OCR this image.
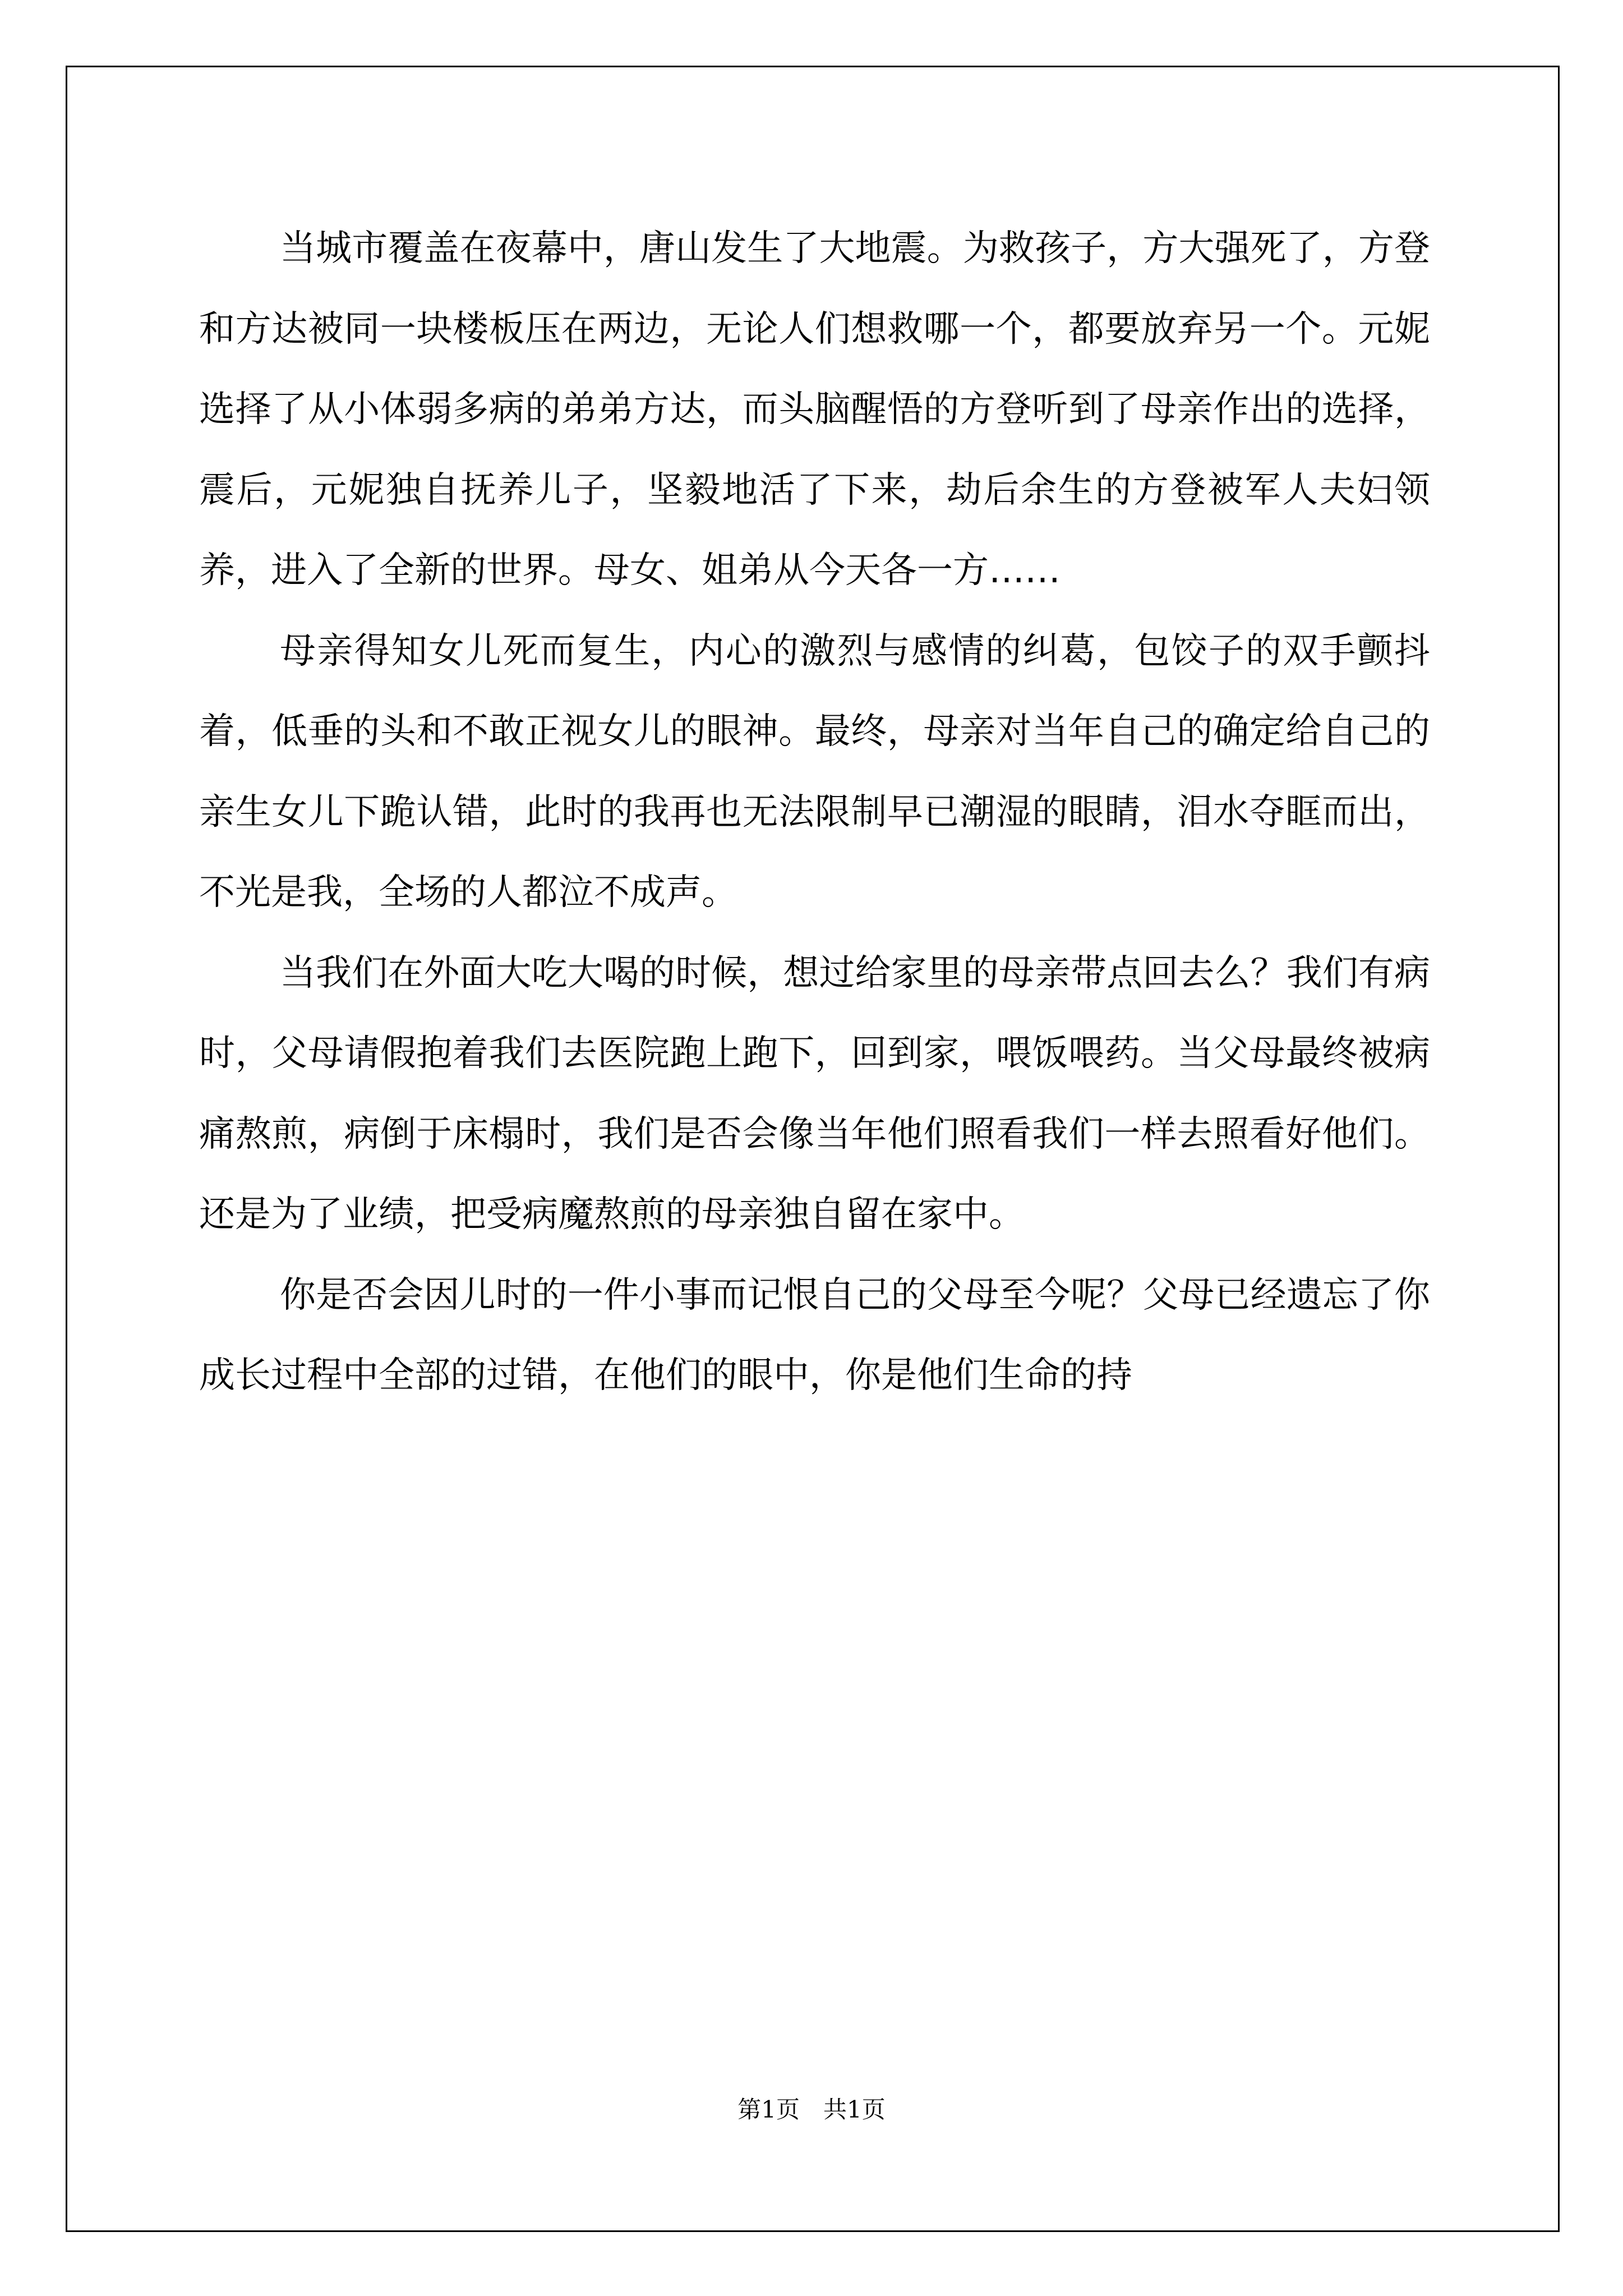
当城市覆盖在夜幕中，唐山发生了大地震。为救孩子，方大强死了，方登和方达被同一块楼板压在两边，无论人们想救哪一个，都要放弃另一个。元妮选择了从小体弱多病的弟弟方达，而头脑醒悟的方登听到了母亲作出的选择，震后，元妮独自抚养儿子，坚毅地活了下来，劫后余生的方登被军人夫妇领养，进入了全新的世界。母女、姐弟从今天各一方……

母亲得知女儿死而复生，内心的激烈与感情的纠葛，包饺子的双手颤抖着，低垂的头和不敢正视女儿的眼神。最终，母亲对当年自己的确定给自己的亲生女儿下跪认错，此时的我再也无法限制早已潮湿的眼睛，泪水夺眶而出，不光是我，全场的人都泣不成声。

当我们在外面大吃大喝的时候，想过给家里的母亲带点回去么？我们有病时，父母请假抱着我们去医院跑上跑下，回到家，喂饭喂药。当父母最终被病痛熬煎，病倒于床榻时，我们是否会像当年他们照看我们一样去照看好他们。还是为了业绩，把受病魔熬煎的母亲独自留在家中。

你是否会因儿时的一件小事而记恨自己的父母至今呢？父母已经遗忘了你成长过程中全部的过错，在他们的眼中，你是他们生命的持

第1页　共1页
